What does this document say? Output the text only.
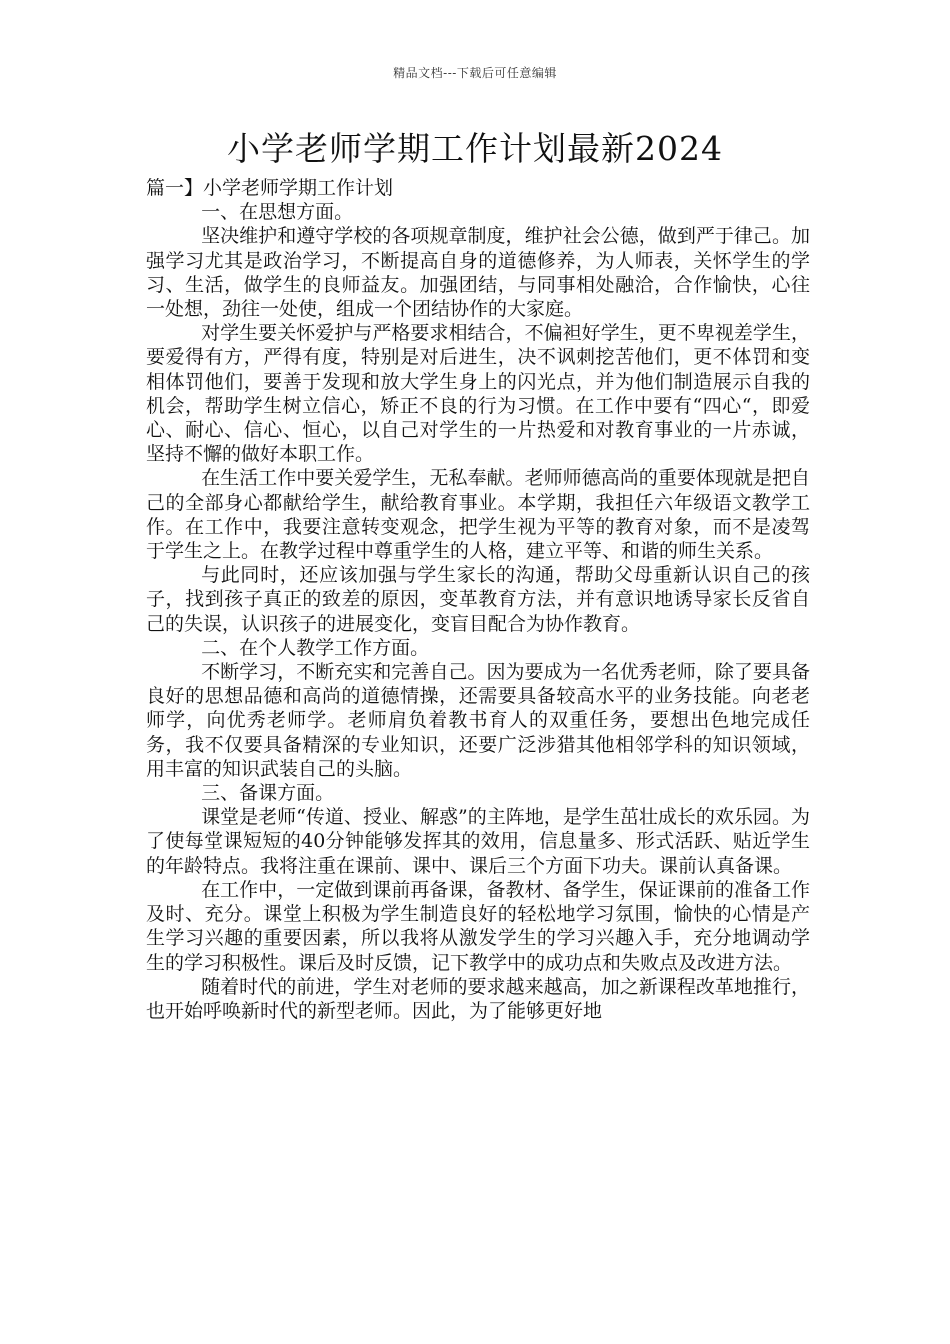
精品文档---下载后可任意编辑
小学老师学期工作计划最新2024

篇一】小学老师学期工作计划

一、在思想方面。

坚决维护和遵守学校的各项规章制度，维护社会公德，做到严于律己。加强学习尤其是政治学习，不断提高自身的道德修养，为人师表，关怀学生的学习、生活，做学生的良师益友。加强团结，与同事相处融洽，合作愉快，心往一处想，劲往一处使，组成一个团结协作的大家庭。

对学生要关怀爱护与严格要求相结合，不偏袒好学生，更不卑视差学生，要爱得有方，严得有度，特别是对后进生，决不讽刺挖苦他们，更不体罚和变相体罚他们，要善于发现和放大学生身上的闪光点，并为他们制造展示自我的机会，帮助学生树立信心，矫正不良的行为习惯。在工作中要有“四心“，即爱心、耐心、信心、恒心，以自己对学生的一片热爱和对教育事业的一片赤诚，坚持不懈的做好本职工作。

在生活工作中要关爱学生，无私奉献。老师师德高尚的重要体现就是把自己的全部身心都献给学生，献给教育事业。本学期，我担任六年级语文教学工作。在工作中，我要注意转变观念，把学生视为平等的教育对象，而不是凌驾于学生之上。在教学过程中尊重学生的人格，建立平等、和谐的师生关系。

与此同时，还应该加强与学生家长的沟通，帮助父母重新认识自己的孩子，找到孩子真正的致差的原因，变革教育方法，并有意识地诱导家长反省自己的失误，认识孩子的进展变化，变盲目配合为协作教育。

二、在个人教学工作方面。

不断学习，不断充实和完善自己。因为要成为一名优秀老师，除了要具备良好的思想品德和高尚的道德情操，还需要具备较高水平的业务技能。向老老师学，向优秀老师学。老师肩负着教书育人的双重任务，要想出色地完成任务，我不仅要具备精深的专业知识，还要广泛涉猎其他相邻学科的知识领域，用丰富的知识武装自己的头脑。

三、备课方面。

课堂是老师“传道、授业、解惑”的主阵地，是学生茁壮成长的欢乐园。为了使每堂课短短的40分钟能够发挥其的效用，信息量多、形式活跃、贴近学生的年龄特点。我将注重在课前、课中、课后三个方面下功夫。课前认真备课。

在工作中，一定做到课前再备课，备教材、备学生，保证课前的准备工作及时、充分。课堂上积极为学生制造良好的轻松地学习氛围，愉快的心情是产生学习兴趣的重要因素，所以我将从激发学生的学习兴趣入手，充分地调动学生的学习积极性。课后及时反馈，记下教学中的成功点和失败点及改进方法。

随着时代的前进，学生对老师的要求越来越高，加之新课程改革地推行，也开始呼唤新时代的新型老师。因此，为了能够更好地
